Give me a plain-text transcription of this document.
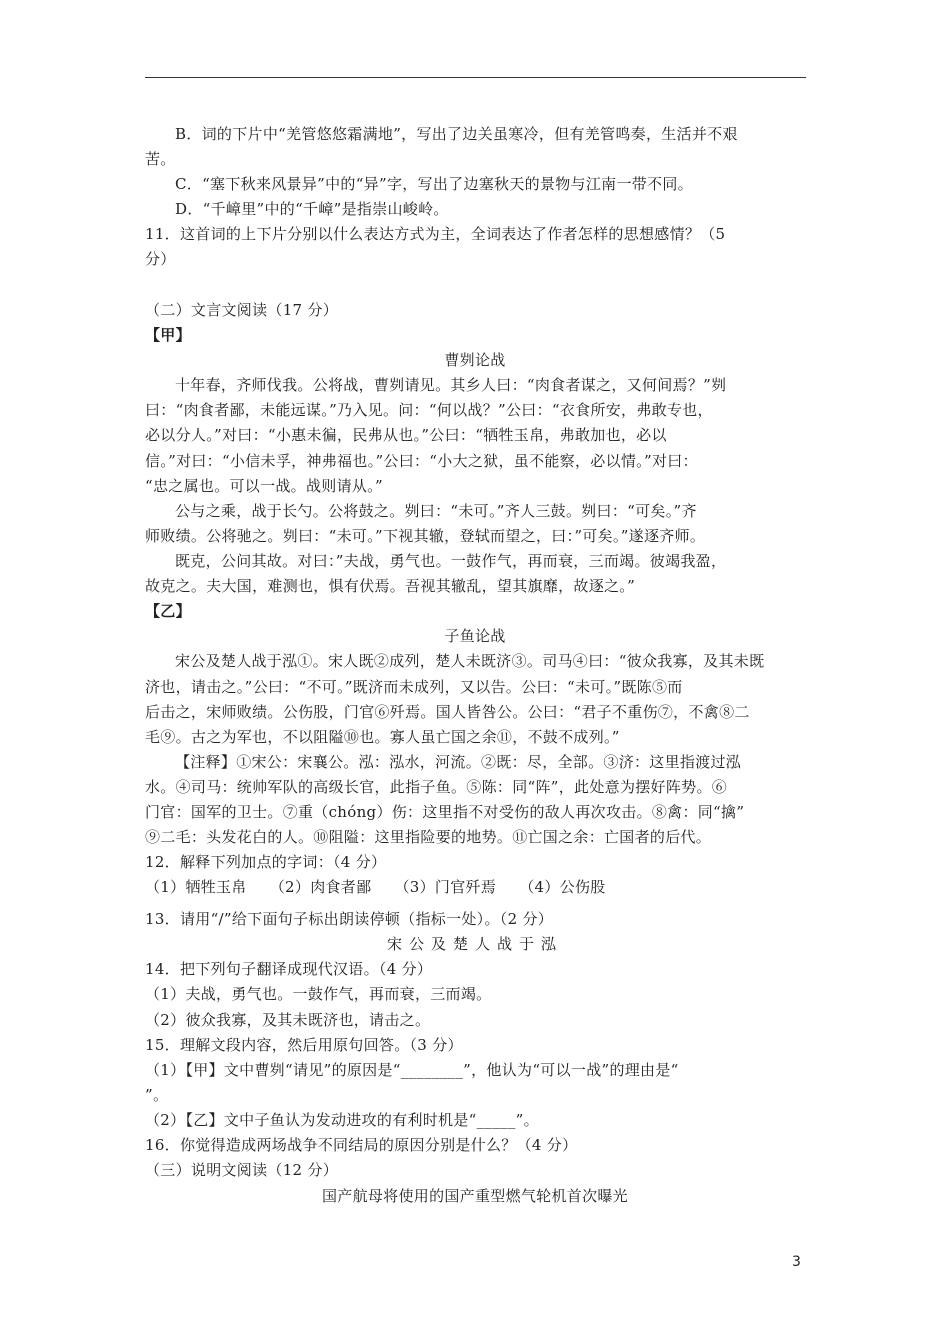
B．词的下片中“羌管悠悠霜满地”，写出了边关虽寒冷，但有羌管鸣奏，生活并不艰
苦。
C．“塞下秋来风景异”中的“异”字，写出了边塞秋天的景物与江南一带不同。
D．“千嶂里”中的“千嶂”是指崇山峻岭。
11．这首词的上下片分别以什么表达方式为主，全词表达了作者怎样的思想感情？（5
分）
（二）文言文阅读（17 分）
【甲】
曹刿论战
十年春，齐师伐我。公将战，曹刿请见。其乡人曰：“肉食者谋之，又何间焉？”刿
曰：“肉食者鄙，未能远谋。”乃入见。问：“何以战？”公曰：“衣食所安，弗敢专也，
必以分人。”对曰：“小惠未徧，民弗从也。”公曰：“牺牲玉帛，弗敢加也，必以
信。”对曰：“小信未孚，神弗福也。”公曰：“小大之狱，虽不能察，必以情。”对曰：
“忠之属也。可以一战。战则请从。”
公与之乘，战于长勺。公将鼓之。刿曰：“未可。”齐人三鼓。刿曰：“可矣。”齐
师败绩。公将驰之。刿曰：“未可。”下视其辙，登轼而望之，曰：”可矣。”遂逐齐师。
既克，公问其故。对曰：”夫战，勇气也。一鼓作气，再而衰，三而竭。彼竭我盈，
故克之。夫大国，难测也，惧有伏焉。吾视其辙乱，望其旗靡，故逐之。”
【乙】
子鱼论战
宋公及楚人战于泓①。宋人既②成列，楚人未既济③。司马④曰：“彼众我寡，及其未既
济也，请击之。”公曰：“不可。”既济而未成列，又以告。公曰：“未可。”既陈⑤而
后击之，宋师败绩。公伤股，门官⑥歼焉。国人皆咎公。公曰：“君子不重伤⑦，不禽⑧二
毛⑨。古之为军也，不以阻隘⑩也。寡人虽亡国之余⑪，不鼓不成列。”
【注释】①宋公：宋襄公。泓：泓水，河流。②既：尽，全部。③济：这里指渡过泓
水。④司马：统帅军队的高级长官，此指子鱼。⑤陈：同“阵”，此处意为摆好阵势。⑥
门官：国军的卫士。⑦重（chóng）伤：这里指不对受伤的敌人再次攻击。⑧禽：同“擒”
⑨二毛：头发花白的人。⑩阻隘：这里指险要的地势。⑪亡国之余：亡国者的后代。
12．解释下列加点的字词：（4 分）
（1）牺牲玉帛　　（2）肉食者鄙　　（3）门官歼焉　　（4）公伤股
13．请用“/”给下面句子标出朗读停顿（指标一处）。（2 分）
宋公及楚人战于泓
14．把下列句子翻译成现代汉语。（4 分）
（1）夫战，勇气也。一鼓作气，再而衰，三而竭。
（2）彼众我寡，及其未既济也，请击之。
15．理解文段内容，然后用原句回答。（3 分）
（1）【甲】文中曹刿“请见”的原因是“________”，他认为“可以一战”的理由是“
”。
（2）【乙】文中子鱼认为发动进攻的有利时机是“_____”。
16．你觉得造成两场战争不同结局的原因分别是什么？（4 分）
（三）说明文阅读（12 分）
国产航母将使用的国产重型燃气轮机首次曝光
3
